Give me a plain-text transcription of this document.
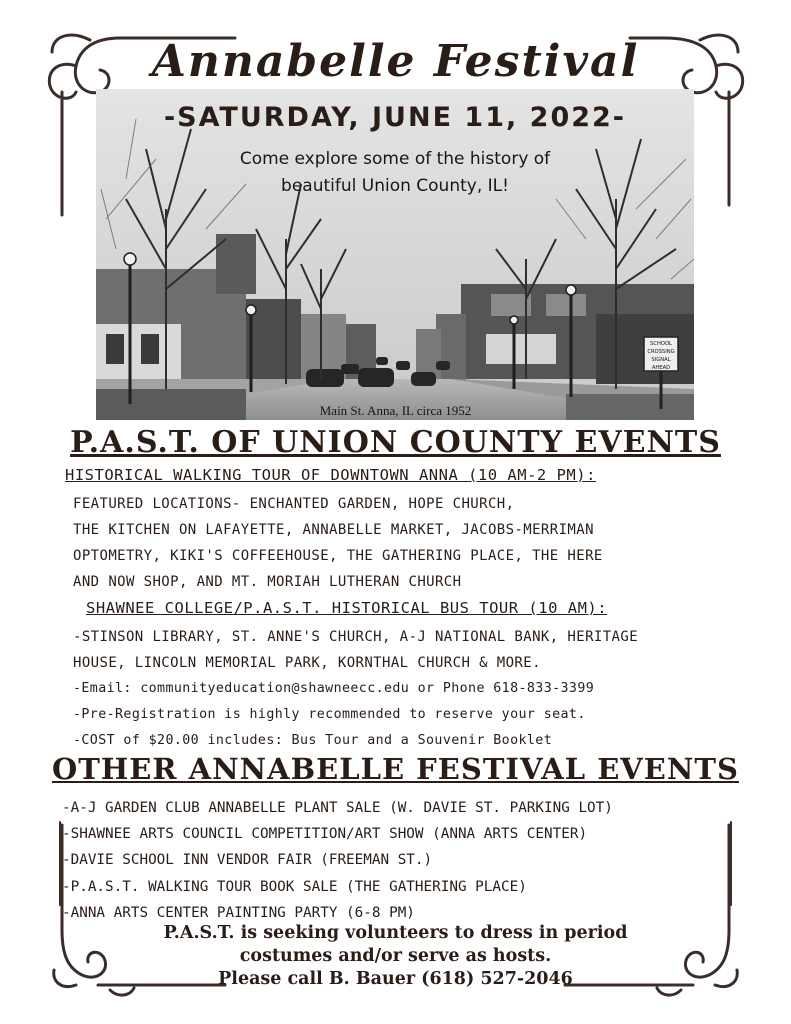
Annabelle Festival
SCHOOL
CROSSING
SIGNAL
AHEAD
-SATURDAY, JUNE 11, 2022-
Come explore some of the history of
beautiful Union County, IL!
Main St. Anna, IL circa 1952
P.A.S.T. OF UNION COUNTY EVENTS
HISTORICAL WALKING TOUR OF DOWNTOWN ANNA (10 AM-2 PM):
FEATURED LOCATIONS- ENCHANTED GARDEN, HOPE CHURCH,
THE KITCHEN ON LAFAYETTE, ANNABELLE MARKET, JACOBS-MERRIMAN
OPTOMETRY, KIKI'S COFFEEHOUSE, THE GATHERING PLACE, THE HERE
AND NOW SHOP, AND MT. MORIAH LUTHERAN CHURCH
SHAWNEE COLLEGE/P.A.S.T. HISTORICAL BUS TOUR (10 AM):
-STINSON LIBRARY, ST. ANNE'S CHURCH, A-J NATIONAL BANK, HERITAGE
HOUSE, LINCOLN MEMORIAL PARK, KORNTHAL CHURCH & MORE.
-Email: communityeducation@shawneecc.edu or Phone 618-833-3399
-Pre-Registration is highly recommended to reserve your seat.
-COST of $20.00 includes: Bus Tour and a Souvenir Booklet
OTHER ANNABELLE FESTIVAL EVENTS
-A-J GARDEN CLUB ANNABELLE PLANT SALE (W. DAVIE ST. PARKING LOT)
-SHAWNEE ARTS COUNCIL COMPETITION/ART SHOW (ANNA ARTS CENTER)
-DAVIE SCHOOL INN VENDOR FAIR (FREEMAN ST.)
-P.A.S.T. WALKING TOUR BOOK SALE (THE GATHERING PLACE)
-ANNA ARTS CENTER PAINTING PARTY (6-8 PM)
P.A.S.T. is seeking volunteers to dress in period
costumes and/or serve as hosts.
Please call B. Bauer (618) 527-2046
